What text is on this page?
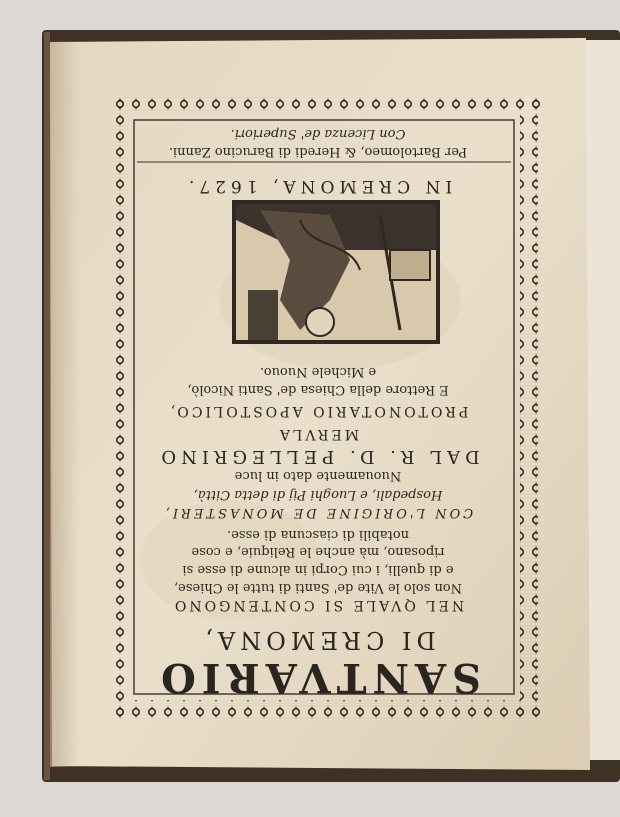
SANTVARIO
DI CREMONA,
NEL QVALE SI CONTENGONO
Non solo le Vite de' Santi di tutte le Chiese,
e di quelli, i cui Corpi in alcune di esse si
riposano, mà anche le Reliquie, e cose
notabili di ciascuna di esse.
CON L'ORIGINE DE MONASTERI,
Hospedali, e Luoghi Pij di detta Città,
Nuouamente dato in luce
DAL R. D. PELLEGRINO
MERVLA
PROTONOTARIO APOSTOLICO,
E Rettore della Chiesa de' Santi Nicolò,
e Michele Nuouo.
IN CREMONA, 1627.
Per Bartolomeo, & Heredi di Barucino Zanni.
Con Licenza de' Superiori.
